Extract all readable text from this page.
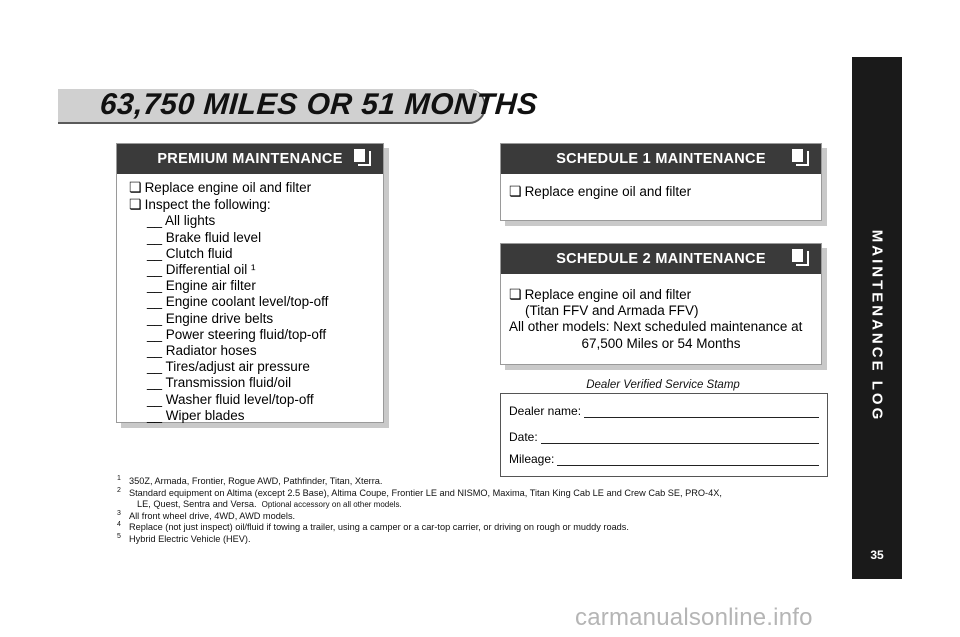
MAINTENANCE LOG
35
63,750 MILES OR 51 MONTHS
PREMIUM MAINTENANCE
❏ Replace engine oil and filter
❏ Inspect the following:
__ All lights
__ Brake fluid level
__ Clutch fluid
__ Differential oil ¹
__ Engine air filter
__ Engine coolant level/top-off
__ Engine drive belts
__ Power steering fluid/top-off
__ Radiator hoses
__ Tires/adjust air pressure
__ Transmission fluid/oil
__ Washer fluid level/top-off
__ Wiper blades
SCHEDULE 1 MAINTENANCE
❏ Replace engine oil and filter
SCHEDULE 2 MAINTENANCE
❏ Replace engine oil and filter
(Titan FFV and Armada FFV)
All other models: Next scheduled maintenance at
67,500 Miles or 54 Months
Dealer Verified Service Stamp
Dealer name:
Date:
Mileage:
1 350Z, Armada, Frontier, Rogue AWD, Pathfinder, Titan, Xterra.
2 Standard equipment on Altima (except 2.5 Base), Altima Coupe, Frontier LE and NISMO, Maxima, Titan King Cab LE and Crew Cab SE, PRO-4X,
LE, Quest, Sentra and Versa. Optional accessory on all other models.
3 All front wheel drive, 4WD, AWD models.
4 Replace (not just inspect) oil/fluid if towing a trailer, using a camper or a car-top carrier, or driving on rough or muddy roads.
5 Hybrid Electric Vehicle (HEV).
carmanualsonline.info
